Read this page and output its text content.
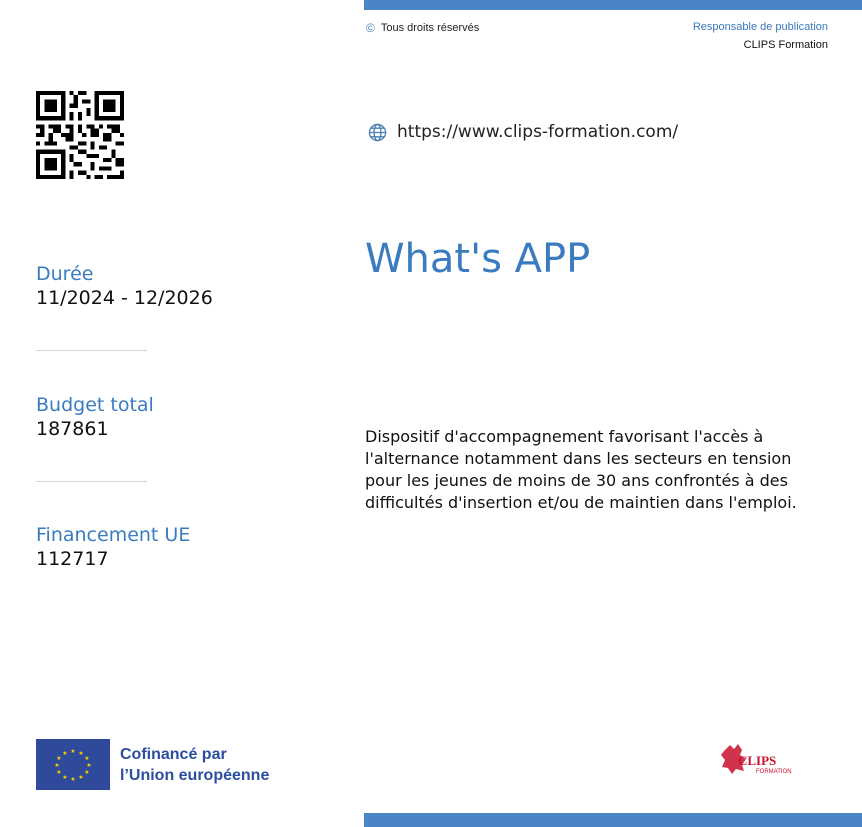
© Tous droits réservés	Responsable de publication
CLIPS Formation
https://www.clips-formation.com/
What's APP
Durée
11/2024 - 12/2026
Budget total
187861
Financement UE
112717
Dispositif d'accompagnement favorisant l'accès à l'alternance notamment dans les secteurs en tension pour les jeunes de moins de 30 ans confrontés à des difficultés d'insertion et/ou de maintien dans l'emploi.
★ ★
★
★
★
★
★
★
★
★
★
★	Cofinancé par
l’Union européenne
CLIPS
FORMATION
